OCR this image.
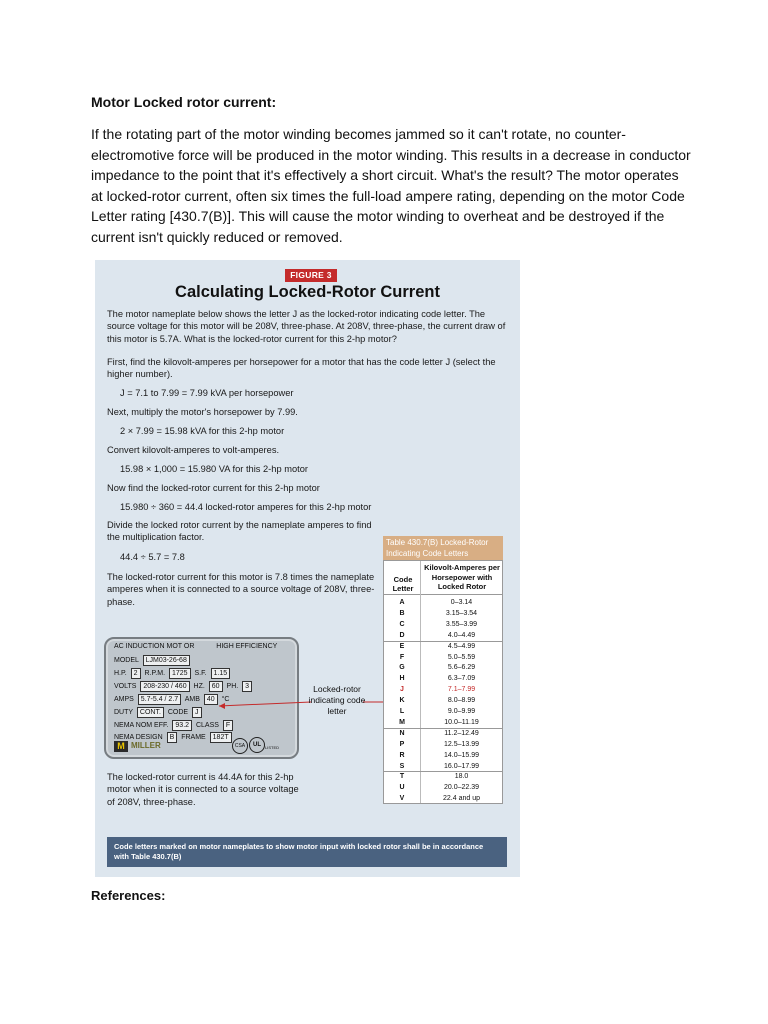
Motor Locked rotor current:
If the rotating part of the motor winding becomes jammed so it can't rotate, no counter-electromotive force will be produced in the motor winding. This results in a decrease in conductor impedance to the point that it's effectively a short circuit. What's the result? The motor operates at locked-rotor current, often six times the full-load ampere rating, depending on the motor Code Letter rating [430.7(B)]. This will cause the motor winding to overheat and be destroyed if the current isn't quickly reduced or removed.
FIGURE 3
Calculating Locked-Rotor Current
The motor nameplate below shows the letter J as the locked-rotor indicating code letter. The source voltage for this motor will be 208V, three-phase. At 208V, three-phase, the current draw of this motor is 5.7A. What is the locked-rotor current for this 2-hp motor?
First, find the kilovolt-amperes per horsepower for a motor that has the code letter J (select the higher number).
J = 7.1 to 7.99 = 7.99 kVA per horsepower
Next, multiply the motor's horsepower by 7.99.
2 × 7.99 = 15.98 kVA for this 2-hp motor
Convert kilovolt-amperes to volt-amperes.
15.98 × 1,000 = 15.980 VA for this 2-hp motor
Now find the locked-rotor current for this 2-hp motor
15.980 ÷ 360 = 44.4 locked-rotor amperes for this 2-hp motor
Divide the locked rotor current by the nameplate amperes to find the multiplication factor.
44.4 ÷ 5.7 = 7.8
The locked-rotor current for this motor is 7.8 times the nameplate amperes when it is connected to a source voltage of 208V, three-phase.
AC INDUCTION MOT OR	HIGH EFFICIENCY
MODEL LJM03-26-68
H.P. 2 R.P.M. 1725 S.F. 1.15
VOLTS 208-230 / 460 HZ. 60 PH. 3
AMPS 5.7-5.4 / 2.7 AMB 40 °C
DUTY CONT. CODE J
NEMA NOM EFF. 93.2 CLASS F
NEMA DESIGN B FRAME 182T
M MILLER	CSA	UL	LISTED
Locked-rotor indicating code letter
The locked-rotor current is 44.4A for this 2-hp motor when it is connected to a source voltage of 208V, three-phase.
Table 430.7(B) Locked-Rotor Indicating Code Letters
Code Letter
Kilovolt-Amperes per Horsepower with Locked Rotor
A	0–3.14
B	3.15–3.54
C	3.55–3.99
D	4.0–4.49
E	4.5–4.99
F	5.0–5.59
G	5.6–6.29
H	6.3–7.09
J	7.1–7.99
K	8.0–8.99
L	9.0–9.99
M	10.0–11.19
N	11.2–12.49
P	12.5–13.99
R	14.0–15.99
S	16.0–17.99
T	18.0
U	20.0–22.39
V	22.4 and up
Code letters marked on motor nameplates to show motor input with locked rotor shall be in accordance with Table 430.7(B)
References:
